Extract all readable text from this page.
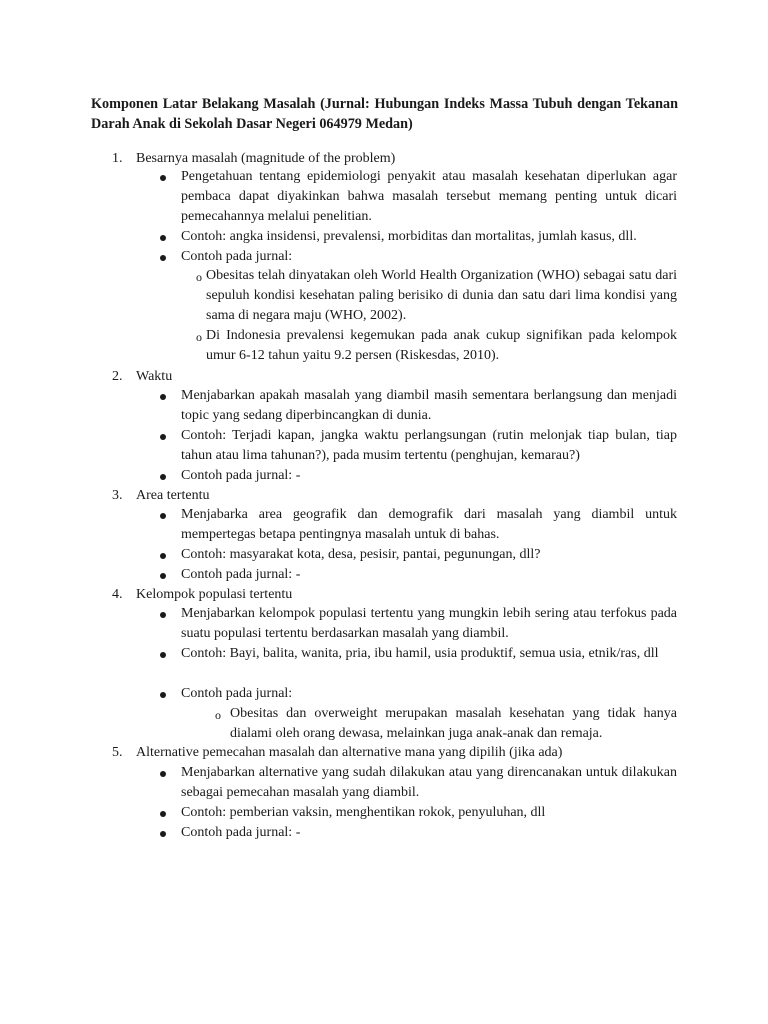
Komponen Latar Belakang Masalah (Jurnal: Hubungan Indeks Massa Tubuh dengan Tekanan Darah Anak di Sekolah Dasar Negeri 064979 Medan)

1. Besarnya masalah (magnitude of the problem)

Pengetahuan tentang epidemiologi penyakit atau masalah kesehatan diperlukan agar pembaca dapat diyakinkan bahwa masalah tersebut memang penting untuk dicari pemecahannya melalui penelitian.

Contoh: angka insidensi, prevalensi, morbiditas dan mortalitas, jumlah kasus, dll.

Contoh pada jurnal:

o Obesitas telah dinyatakan oleh World Health Organization (WHO) sebagai satu dari sepuluh kondisi kesehatan paling berisiko di dunia dan satu dari lima kondisi yang sama di negara maju (WHO, 2002).

o Di Indonesia prevalensi kegemukan pada anak cukup signifikan pada kelompok umur 6-12 tahun yaitu 9.2 persen (Riskesdas, 2010).

2. Waktu

Menjabarkan apakah masalah yang diambil masih sementara berlangsung dan menjadi topic yang sedang diperbincangkan di dunia.

Contoh: Terjadi kapan, jangka waktu perlangsungan (rutin melonjak tiap bulan, tiap tahun atau lima tahunan?), pada musim tertentu (penghujan, kemarau?)

Contoh pada jurnal: -

3. Area tertentu

Menjabarka area geografik dan demografik dari masalah yang diambil untuk mempertegas betapa pentingnya masalah untuk di bahas.

Contoh: masyarakat kota, desa, pesisir, pantai, pegunungan, dll?

Contoh pada jurnal: -

4. Kelompok populasi tertentu

Menjabarkan kelompok populasi tertentu yang mungkin lebih sering atau terfokus pada suatu populasi tertentu berdasarkan masalah yang diambil.

Contoh: Bayi, balita, wanita, pria, ibu hamil, usia produktif, semua usia, etnik/ras, dll

Contoh pada jurnal:

o Obesitas dan overweight merupakan masalah kesehatan yang tidak hanya dialami oleh orang dewasa, melainkan juga anak-anak dan remaja.

5. Alternative pemecahan masalah dan alternative mana yang dipilih (jika ada)

Menjabarkan alternative yang sudah dilakukan atau yang direncanakan untuk dilakukan sebagai pemecahan masalah yang diambil.

Contoh: pemberian vaksin, menghentikan rokok, penyuluhan, dll

Contoh pada jurnal: -
